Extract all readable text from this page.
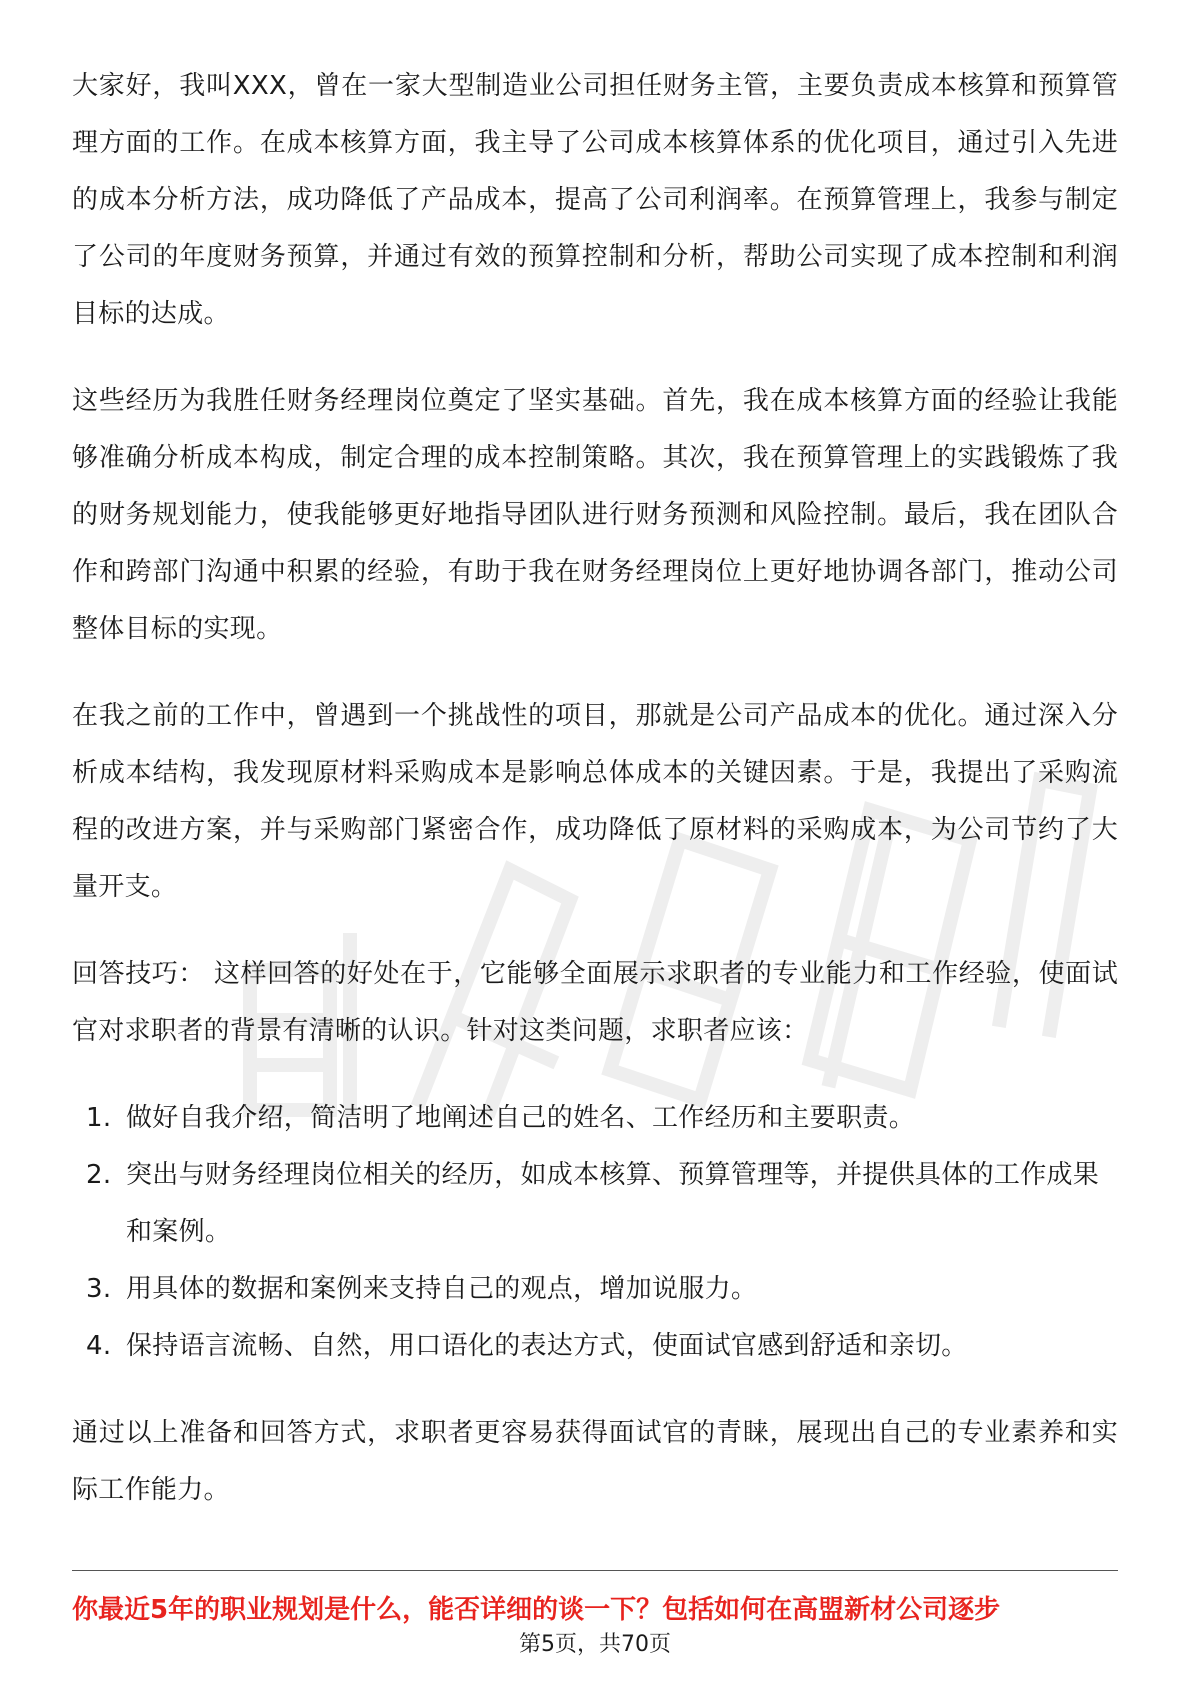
大家好，我叫XXX，曾在一家大型制造业公司担任财务主管，主要负责成本核算和预算管理方面的工作。在成本核算方面，我主导了公司成本核算体系的优化项目，通过引入先进的成本分析方法，成功降低了产品成本，提高了公司利润率。在预算管理上，我参与制定了公司的年度财务预算，并通过有效的预算控制和分析，帮助公司实现了成本控制和利润目标的达成。

这些经历为我胜任财务经理岗位奠定了坚实基础。首先，我在成本核算方面的经验让我能够准确分析成本构成，制定合理的成本控制策略。其次，我在预算管理上的实践锻炼了我的财务规划能力，使我能够更好地指导团队进行财务预测和风险控制。最后，我在团队合作和跨部门沟通中积累的经验，有助于我在财务经理岗位上更好地协调各部门，推动公司整体目标的实现。

在我之前的工作中，曾遇到一个挑战性的项目，那就是公司产品成本的优化。通过深入分析成本结构，我发现原材料采购成本是影响总体成本的关键因素。于是，我提出了采购流程的改进方案，并与采购部门紧密合作，成功降低了原材料的采购成本，为公司节约了大量开支。

回答技巧： 这样回答的好处在于，它能够全面展示求职者的专业能力和工作经验，使面试官对求职者的背景有清晰的认识。针对这类问题，求职者应该：

1. 做好自我介绍，简洁明了地阐述自己的姓名、工作经历和主要职责。
2. 突出与财务经理岗位相关的经历，如成本核算、预算管理等，并提供具体的工作成果和案例。
3. 用具体的数据和案例来支持自己的观点，增加说服力。
4. 保持语言流畅、自然，用口语化的表达方式，使面试官感到舒适和亲切。

通过以上准备和回答方式，求职者更容易获得面试官的青睐，展现出自己的专业素养和实际工作能力。

你最近5年的职业规划是什么，能否详细的谈一下？包括如何在高盟新材公司逐步
第5页，共70页
